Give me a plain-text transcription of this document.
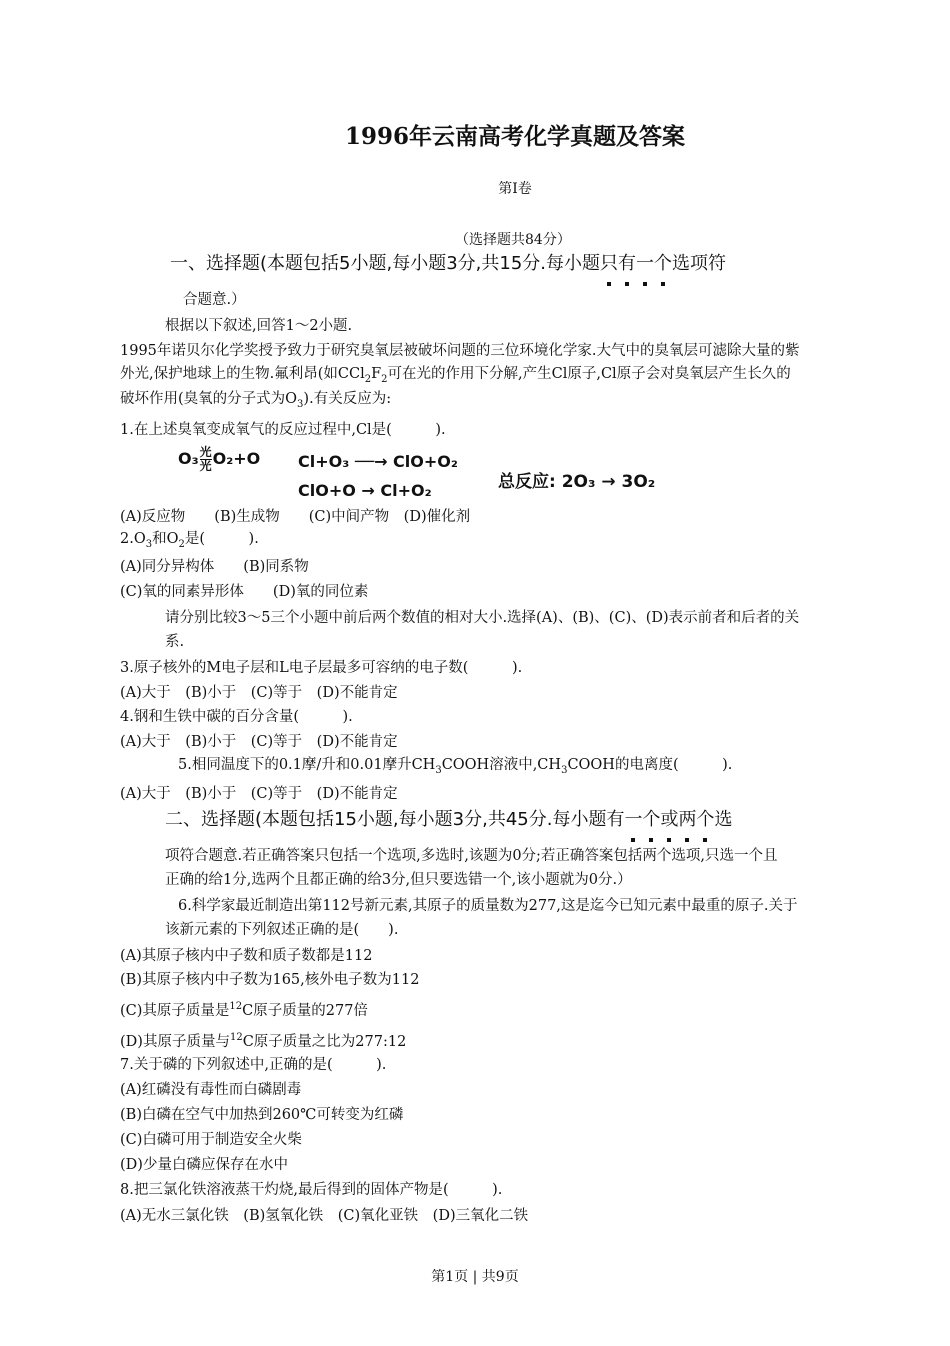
1996年云南高考化学真题及答案
第Ⅰ卷
（选择题共84分）
一、选择题(本题包括5小题,每小题3分,共15分.每小题只有一个选项符
合题意.）
根据以下叙述,回答1～2小题.
1995年诺贝尔化学奖授予致力于研究臭氧层被破坏问题的三位环境化学家.大气中的臭氧层可滤除大量的紫
外光,保护地球上的生物.氟利昂(如$CCl_2F_2$可在光的作用下分解,产生Cl原子,Cl原子会对臭氧层产生长久的
破坏作用(臭氧的分子式为$O_3$).有关反应为:
1.在上述臭氧变成氧气的反应过程中,Cl是(　　　).
$O_3\frac{\text{光}}{\text{光}} O_2+O$ Cl+O₃ ──→ ClO+O₂
ClO+O → Cl+O₂	总反应: 2O₃ → 3O₂
(A)反应物　　(B)生成物　　(C)中间产物　(D)催化剂
$2.O_3$和$O_2$是(　　　).
(A)同分异构体　　(B)同系物
(C)氧的同素异形体　　(D)氧的同位素
请分别比较3～5三个小题中前后两个数值的相对大小.选择(A)、(B)、(C)、(D)表示前者和后者的关
系.
3.原子核外的M电子层和L电子层最多可容纳的电子数(　　　).
(A)大于　(B)小于　(C)等于　(D)不能肯定
4.钢和生铁中碳的百分含量(　　　).
(A)大于　(B)小于　(C)等于　(D)不能肯定
5.相同温度下的0.1摩/升和0.01摩升$CH_3COOH$溶液中$,CH_3COOH$的电离度(　　　).
(A)大于　(B)小于　(C)等于　(D)不能肯定
二、选择题(本题包括15小题,每小题3分,共45分.每小题有一个或两个选
项符合题意.若正确答案只包括一个选项,多选时,该题为0分;若正确答案包括两个选项,只选一个且
正确的给1分,选两个且都正确的给3分,但只要选错一个,该小题就为0分.）
6.科学家最近制造出第112号新元素,其原子的质量数为277,这是迄今已知元素中最重的原子.关于
该新元素的下列叙述正确的是(　　).
(A)其原子核内中子数和质子数都是112
(B)其原子核内中子数为165,核外电子数为112
(C)其原子质量是$^{12}$C原子质量的277倍
(D)其原子质量与$^{12}$C原子质量之比为277:12
7.关于磷的下列叙述中,正确的是(　　　).
(A)红磷没有毒性而白磷剧毒
(B)白磷在空气中加热到260℃可转变为红磷
(C)白磷可用于制造安全火柴
(D)少量白磷应保存在水中
8.把三氯化铁溶液蒸干灼烧,最后得到的固体产物是(　　　).
(A)无水三氯化铁　(B)氢氧化铁　(C)氧化亚铁　(D)三氧化二铁
第1页 | 共9页
